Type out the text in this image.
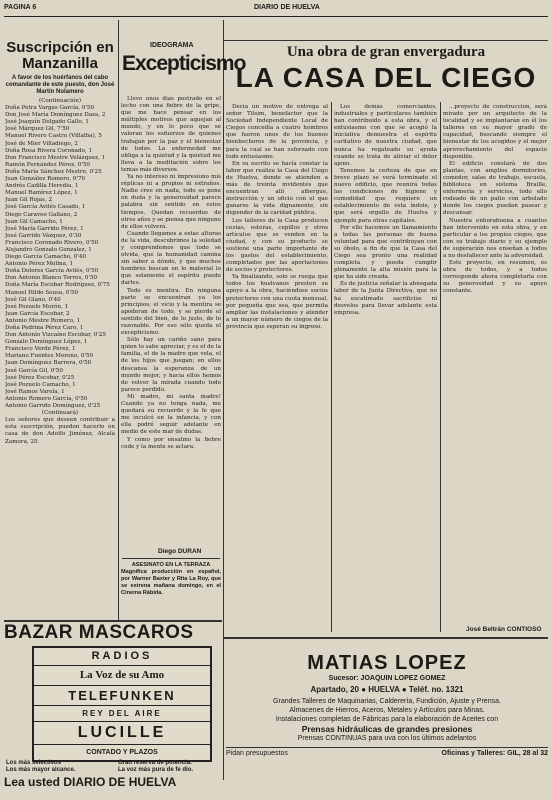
PAGINA 6	DIARIO DE HUELVA
Suscripción en Manzanilla

A favor de los huérfanos del cabo comandante de este puesto, don José Martín Nolamero

(Continuación)

Doña Petra Vargas García, 0'50

Don José María Domínguez Daza, 2

José Joaquín Delgado Gallo, 1

José Márquez Gil, 7'50

Manuel Rivero Castro (Villalba), 5

José de Mier Villadiego, 2

Doña Rosa Rivera Coronado, 1

Don Francisco Mestre Velázquez, 1

Ramón Fernández Pérez, 0'50

Doña María Sánchez Mestre, 0'25

Juan González Romero, 0'70

Andrés Cadilla Heredia, 1

Manuel Ramírez López, 1

Juan Gil Rojas, 2

José García Avilés Casado, 1

Diego Caraveo Gallano, 2

Juan Gil Camacho, 1

José María Garrido Pérez, 1

José Garrido Vázquez, 0'30

Francisco Coronado Rivero, 0'50

Alejandro Gonzalo Gonzalez, 1

Diego García Camacho, 0'40

Antonio Pérez Molina, 1

Doña Dolores García Avilés, 0'50

Don Antonio Blanco Torres, 0'50

Doña María Escobar Rodríguez, 0'75

Manuel Hildo Sousa, 0'50

José Gil Glano, 0'40

José Pozuelo Morón, 1

Juan García Escobar, 2

Antonio Mestre Romero, 1

Doña Pedrina Pérez Caro, 1

Don Antonio Vizcaíno Escobar, 0'25

Gonzalo Domínguez López, 1

Francisco Verde Pérez, 1

Mariano Fuentes Moreno, 0'50

Juan Domínguez Barrera, 0'50

José García Gil, 0'50

José Pérez Escobar, 0'25

José Pozuelo Camacho, 1

José Ramos Varela, 1

Antonio Romero García, 0'50

Antonio Garrido Domínguez, 0'25

(Continuará)

Los señores que deseen contribuir a esta suscripción, pueden hacerlo en casa de don Adolfo Jiménez, Alcalá Zamora, 25.

IDEOGRAMA
Excepticismo

Llevo unos días postrado en el lecho con una fiebre de la gripe, que me hace pensar en los múltiples motivos que aquejan al mundo, y en lo poco que se valoran los esfuerzos de quienes trabajan por la paz y el bienestar de todos. La enfermedad me obliga a la quietud y la quietud me lleva a la meditación sobre los temas más diversos.

Ya no intereso ni impresiono mis réplicas ni a propios ni extraños. Nadie cree en nada, todo se pone en duda y la generosidad parece palabra sin sentido en estos tiempos. Quedan recuerdos de otros años y se piensa que ninguno de ellos volverá.

Cuando llegamos a estas alturas de la vida, descubrimos la soledad y comprendemos que todo se olvida, que la humanidad camina sin saber a dónde, y que muchos hombres buscan en lo material lo que solamente el espíritu puede darles.

Todo es mentira. En ninguna parte se encuentran ya los principios; el vicio y la mentira se apoderan de todo, y se pierde el sentido del bien, de lo justo, de lo razonable. Por eso sólo queda el excepticismo.

Sólo hay un cariño sano para quien lo sabe apreciar, y es el de la familia, el de la madre que vela, el de los hijos que juegan; en ellos descansa la esperanza de un mundo mejor, y hacia ellos hemos de volver la mirada cuando todo parece perdido.

Mi madre, mi santa madre! Cuando ya no tenga nada, me quedará su recuerdo y la fe que me inculcó en la infancia, y con ella podré seguir adelante en medio de este mar de dudas.

Y como por ensalmo la fiebre cede y la mente se aclara.

Diego DURAN

ASESINATO EN LA TERRAZA

Magnífica producción en español, por Warner Baxter y Rita La Roy, que se estrena mañana domingo, en el Cinema Rábida.

Una obra de gran envergadura
LA CASA DEL CIEGO

Decía un motivo de entrega al señor Tilsim, benefactor que la Sociedad Independiente Local de Ciegos concedía a cuatro hombres que fueron unos de los buenos bienhechores de la provincia, y para la cual se han esforzado con todo entusiasmo.

En su escrito se hacía constar la labor que realiza la Casa del Ciego de Huelva, donde se atienden a más de treinta invidentes que encuentran allí albergue, instrucción y un oficio con el que ganarse la vida dignamente, sin depender de la caridad pública.

Los talleres de la Casa producen cestas, esteras, cepillos y otros artículos que se venden en la ciudad, y con su producto se sostiene una parte importante de los gastos del establecimiento, completados por las aportaciones de socios y protectores.

Ya finalizando, solo se ruega que todos los huelvanos presten su apoyo a la obra, haciéndose socios protectores con una cuota mensual, por pequeña que sea, que permita ampliar las instalaciones y atender a un mayor número de ciegos de la provincia que esperan su ingreso.

Los demás comerciantes, industriales y particulares también han contribuido a esta obra, y el entusiasmo con que se acogió la iniciativa demuestra el espíritu caritativo de nuestra ciudad, que nunca ha regateado su ayuda cuando se trata de aliviar el dolor ajeno.

Tenemos la certeza de que en breve plazo se verá terminado el nuevo edificio, que reunirá todas las condiciones de higiene y comodidad que requiere un establecimiento de esta índole, y que será orgullo de Huelva y ejemplo para otras capitales.

Por ello hacemos un llamamiento a todas las personas de buena voluntad para que contribuyan con su óbolo, a fin de que la Casa del Ciego sea pronto una realidad completa y pueda cumplir plenamente la alta misión para la que ha sido creada.

Es de justicia señalar la abnegada labor de la Junta Directiva, que no ha escatimado sacrificios ni desvelos para llevar adelante esta empresa.

...proyecto de construcción, será mirado por un arquitecto de la localidad y se implantarán en él los talleres en su mayor grado de capacidad, buscando siempre el bienestar de los acogidos y el mejor aprovechamiento del espacio disponible.

El edificio constará de dos plantas, con amplios dormitorios, comedor, salas de trabajo, escuela, biblioteca en sistema Braille, enfermería y servicios, todo ello rodeado de un patio con arbolado donde los ciegos puedan pasear y descansar.

Nuestra enhorabuena a cuantos han intervenido en esta obra, y en particular a los propios ciegos, que con su trabajo diario y su ejemplo de superación nos enseñan a todos a no desfallecer ante la adversidad.

Este proyecto, en resumen, es obra de todos, y a todos corresponde ahora completarla con su generosidad y su apoyo constante.

José Beltrán CONTIOSO
BAZAR MASCAROS
RADIOS
La Voz de su Amo
TELEFUNKEN
REY DEL AIRE
LUCILLE
CONTADO Y PLAZOS
Los más selectivos
Los más mayor alcance.
Gran reserva de potencia.
La voz más pura de fe dio.
Lea usted DIARIO DE HUELVA
MATIAS LOPEZ
Sucesor: JOAQUIN LOPEZ GOMEZ
Apartado, 20 ● HUELVA ● Teléf. no. 1321
Grandes Talleres de Maquinarias, Calderería, Fundición, Ajuste y Prensa.
Almacenes de Hierros, Aceros, Metales y Artículos para Minas.
Instalaciones completas de Fábricas para la elaboración de Aceites con
Prensas hidráulicas de grandes presiones
Prensas CONTINUAS para uva con los últimos adelantos
Pidan presupuestos	Oficinas y Talleres: GIL, 28 al 32
